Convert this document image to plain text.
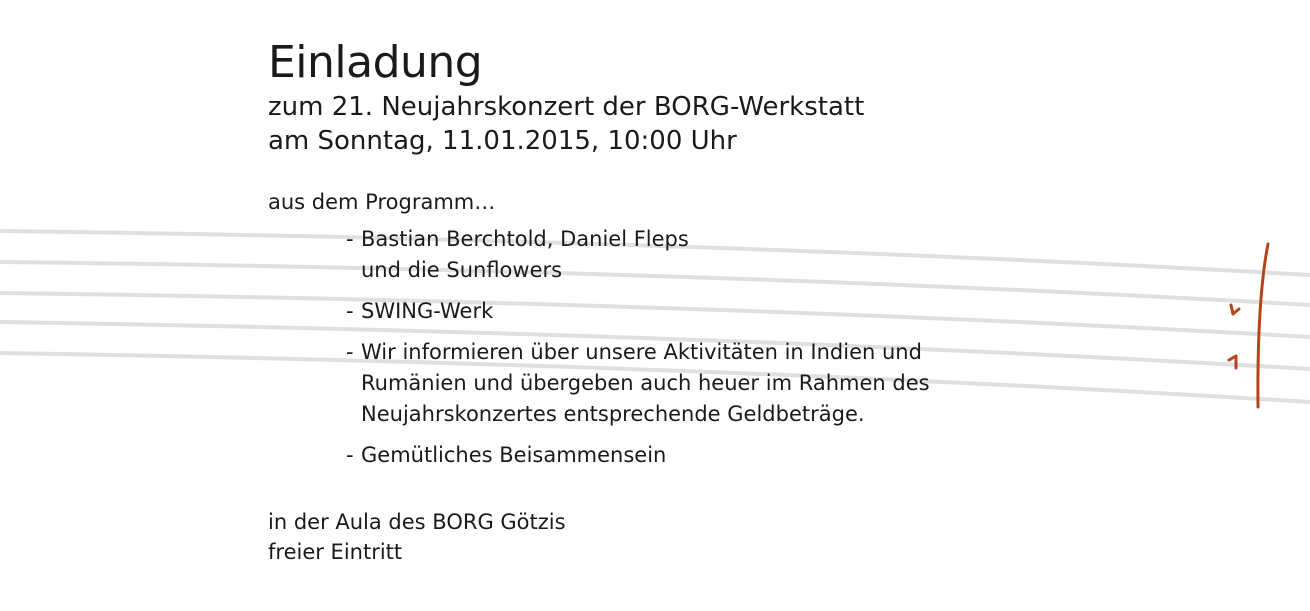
Einladung

zum 21. Neujahrskonzert der BORG-Werkstatt

am Sonntag, 11.01.2015, 10:00 Uhr

aus dem Programm…
- Bastian Berchtold, Daniel Fleps
und die Sunflowers
- SWING-Werk
- Wir informieren über unsere Aktivitäten in Indien und
Rumänien und übergeben auch heuer im Rahmen des
Neujahrskonzertes entsprechende Geldbeträge.
- Gemütliches Beisammensein
in der Aula des BORG Götzis
freier Eintritt
